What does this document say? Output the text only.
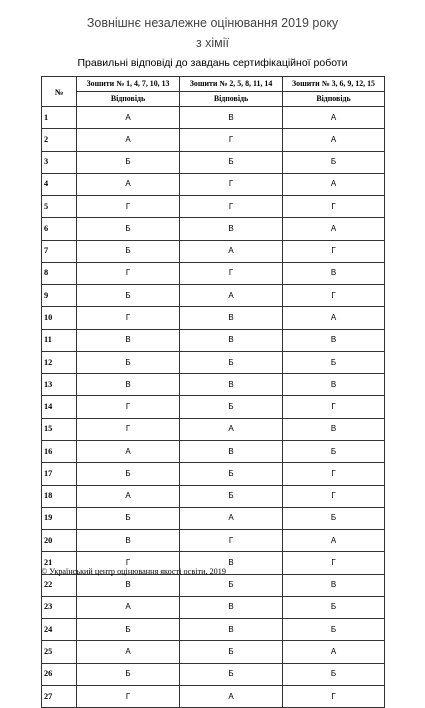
Зовнішнє незалежне оцінювання 2019 року
з хімії
Правильні відповіді до завдань сертифікаційної роботи
№	Зошити № 1, 4, 7, 10, 13	Зошити № 2, 5, 8, 11, 14	Зошити № 3, 6, 9, 12, 15
	Відповідь	Відповідь	Відповідь
1	А	В	А
2	А	Г	А
3	Б	Б	Б
4	А	Г	А
5	Г	Г	Г
6	Б	В	А
7	Б	А	Г
8	Г	Г	В
9	Б	А	Г
10	Г	В	А
11	В	В	В
12	Б	Б	Б
13	В	В	В
14	Г	Б	Г
15	Г	А	В
16	А	В	Б
17	Б	Б	Г
18	А	Б	Г
19	Б	А	Б
20	В	Г	А
21	Г	В	Г
22	В	Б	В
23	А	В	Б
24	Б	В	Б
25	А	Б	А
26	Б	Б	Б
27	Г	А	Г
© Український центр оцінювання якості освіти, 2019
